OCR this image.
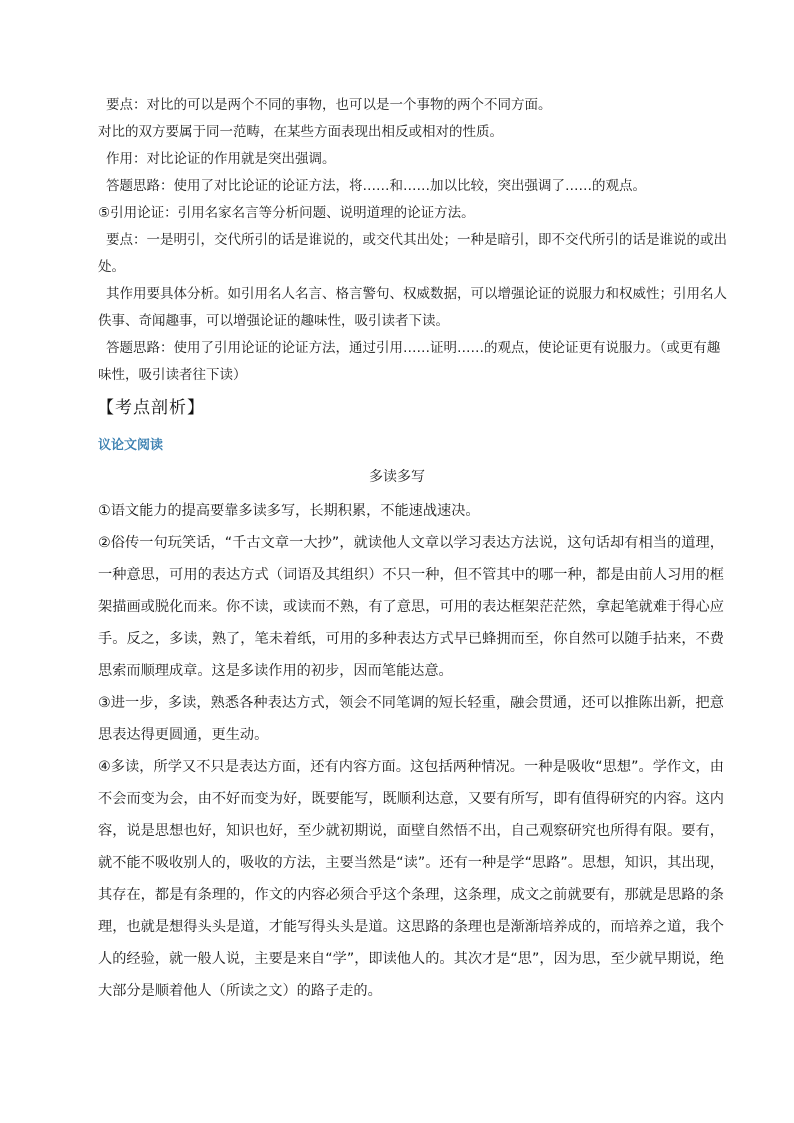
要点：对比的可以是两个不同的事物，也可以是一个事物的两个不同方面。

对比的双方要属于同一范畴，在某些方面表现出相反或相对的性质。

作用：对比论证的作用就是突出强调。

答题思路：使用了对比论证的论证方法，将……和……加以比较，突出强调了……的观点。

⑤引用论证：引用名家名言等分析问题、说明道理的论证方法。

要点：一是明引，交代所引的话是谁说的，或交代其出处；一种是暗引，即不交代所引的话是谁说的或出处。

其作用要具体分析。如引用名人名言、格言警句、权威数据，可以增强论证的说服力和权威性；引用名人佚事、奇闻趣事，可以增强论证的趣味性，吸引读者下读。

答题思路：使用了引用论证的论证方法，通过引用……证明……的观点，使论证更有说服力。（或更有趣味性，吸引读者往下读）

【考点剖析】
议论文阅读
多读多写

①语文能力的提高要靠多读多写，长期积累，不能速战速决。

②俗传一句玩笑话，“千古文章一大抄”，就读他人文章以学习表达方法说，这句话却有相当的道理，一种意思，可用的表达方式（词语及其组织）不只一种，但不管其中的哪一种，都是由前人习用的框架描画或脱化而来。你不读，或读而不熟，有了意思，可用的表达框架茫茫然，拿起笔就难于得心应手。反之，多读，熟了，笔未着纸，可用的多种表达方式早已蜂拥而至，你自然可以随手拈来，不费思索而顺理成章。这是多读作用的初步，因而笔能达意。

③进一步，多读，熟悉各种表达方式，领会不同笔调的短长轻重，融会贯通，还可以推陈出新，把意思表达得更圆通，更生动。

④多读，所学又不只是表达方面，还有内容方面。这包括两种情况。一种是吸收“思想”。学作文，由不会而变为会，由不好而变为好，既要能写，既顺利达意，又要有所写，即有值得研究的内容。这内容，说是思想也好，知识也好，至少就初期说，面壁自然悟不出，自己观察研究也所得有限。要有，就不能不吸收别人的，吸收的方法，主要当然是“读”。还有一种是学“思路”。思想，知识，其出现，其存在，都是有条理的，作文的内容必须合乎这个条理，这条理，成文之前就要有，那就是思路的条理，也就是想得头头是道，才能写得头头是道。这思路的条理也是渐渐培养成的，而培养之道，我个人的经验，就一般人说，主要是来自“学”，即读他人的。其次才是“思”，因为思，至少就早期说，绝大部分是顺着他人（所读之文）的路子走的。
